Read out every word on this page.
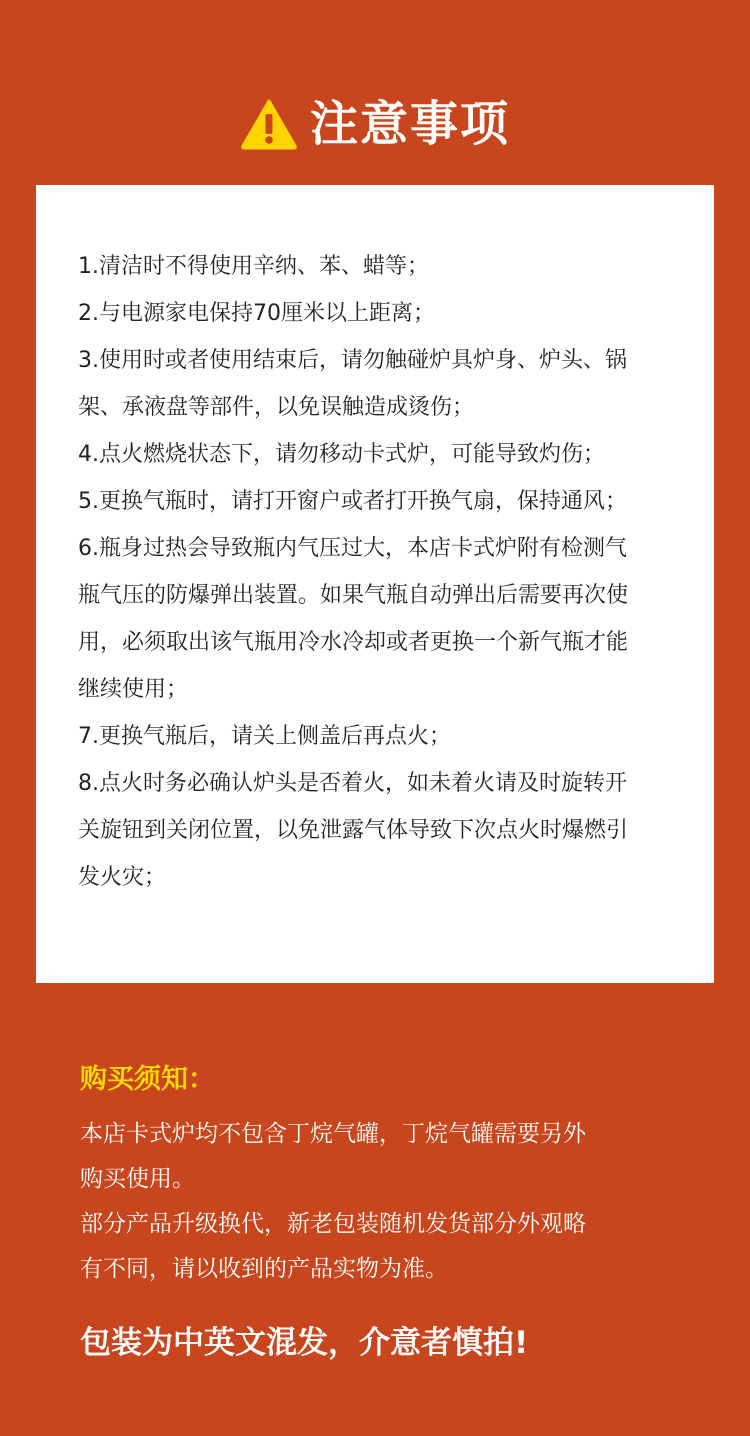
注意事项
1.清洁时不得使用辛纳、苯、蜡等；
2.与电源家电保持70厘米以上距离；
3.使用时或者使用结束后，请勿触碰炉具炉身、炉头、锅
架、承液盘等部件，以免误触造成烫伤；
4.点火燃烧状态下，请勿移动卡式炉，可能导致灼伤；
5.更换气瓶时，请打开窗户或者打开换气扇，保持通风；
6.瓶身过热会导致瓶内气压过大，本店卡式炉附有检测气
瓶气压的防爆弹出装置。如果气瓶自动弹出后需要再次使
用，必须取出该气瓶用冷水冷却或者更换一个新气瓶才能
继续使用；
7.更换气瓶后，请关上侧盖后再点火；
8.点火时务必确认炉头是否着火，如未着火请及时旋转开
关旋钮到关闭位置，以免泄露气体导致下次点火时爆燃引
发火灾；
购买须知：

本店卡式炉均不包含丁烷气罐，丁烷气罐需要另外

购买使用。

部分产品升级换代，新老包装随机发货部分外观略

有不同，请以收到的产品实物为准。

包装为中英文混发，介意者慎拍!
